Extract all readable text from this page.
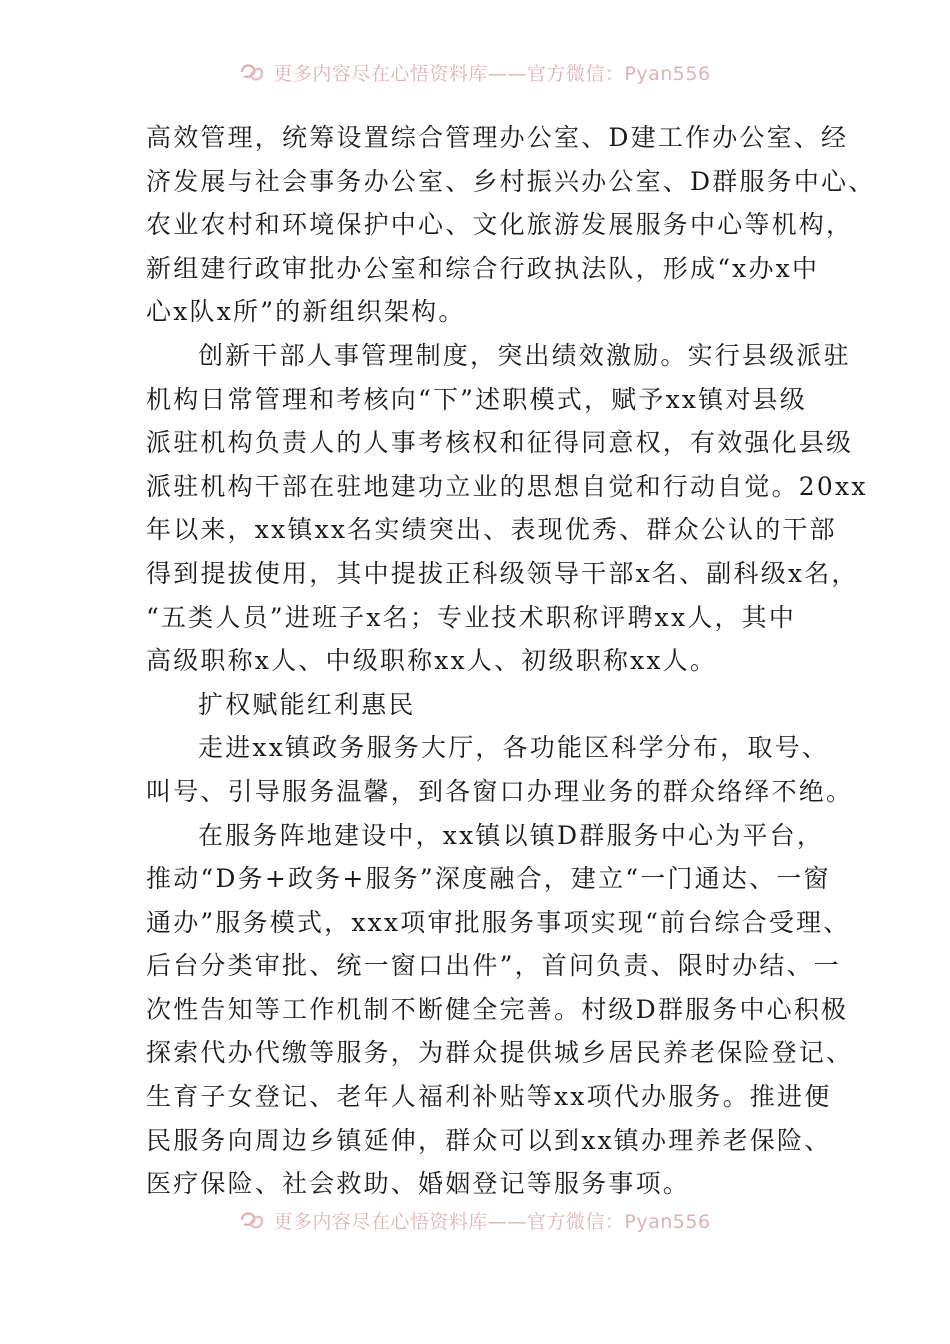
更多内容尽在心悟资料库——官方微信：Pyan556

高效管理，统筹设置综合管理办公室、D建工作办公室、经
济发展与社会事务办公室、乡村振兴办公室、D群服务中心、
农业农村和环境保护中心、文化旅游发展服务中心等机构，
新组建行政审批办公室和综合行政执法队，形成“x办x中
心x队x所”的新组织架构。

创新干部人事管理制度，突出绩效激励。实行县级派驻
机构日常管理和考核向“下”述职模式，赋予xx镇对县级
派驻机构负责人的人事考核权和征得同意权，有效强化县级
派驻机构干部在驻地建功立业的思想自觉和行动自觉。20xx
年以来，xx镇xx名实绩突出、表现优秀、群众公认的干部
得到提拔使用，其中提拔正科级领导干部x名、副科级x名，
“五类人员”进班子x名；专业技术职称评聘xx人，其中
高级职称x人、中级职称xx人、初级职称xx人。

扩权赋能红利惠民

走进xx镇政务服务大厅，各功能区科学分布，取号、
叫号、引导服务温馨，到各窗口办理业务的群众络绎不绝。

在服务阵地建设中，xx镇以镇D群服务中心为平台，
推动“D务+政务+服务”深度融合，建立“一门通达、一窗
通办”服务模式，xxx项审批服务事项实现“前台综合受理、
后台分类审批、统一窗口出件”，首问负责、限时办结、一
次性告知等工作机制不断健全完善。村级D群服务中心积极
探索代办代缴等服务，为群众提供城乡居民养老保险登记、
生育子女登记、老年人福利补贴等xx项代办服务。推进便
民服务向周边乡镇延伸，群众可以到xx镇办理养老保险、
医疗保险、社会救助、婚姻登记等服务事项。

更多内容尽在心悟资料库——官方微信：Pyan556
